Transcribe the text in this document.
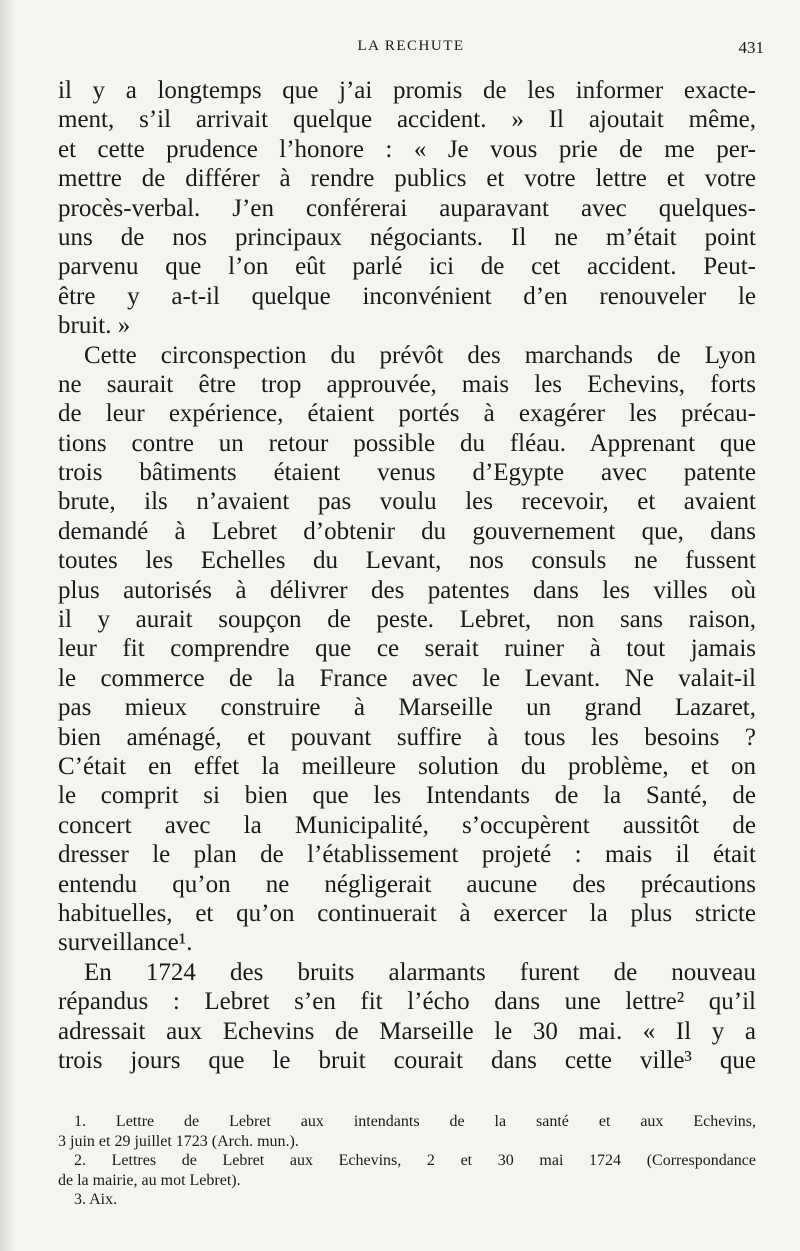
LA RECHUTE	431
il y a longtemps que j’ai promis de les informer exacte-
ment, s’il arrivait quelque accident. » Il ajoutait même,
et cette prudence l’honore : « Je vous prie de me per-
mettre de différer à rendre publics et votre lettre et votre
procès-verbal. J’en conférerai auparavant avec quelques-
uns de nos principaux négociants. Il ne m’était point
parvenu que l’on eût parlé ici de cet accident. Peut-
être y a-t-il quelque inconvénient d’en renouveler le
bruit. »
Cette circonspection du prévôt des marchands de Lyon
ne saurait être trop approuvée, mais les Echevins, forts
de leur expérience, étaient portés à exagérer les précau-
tions contre un retour possible du fléau. Apprenant que
trois bâtiments étaient venus d’Egypte avec patente
brute, ils n’avaient pas voulu les recevoir, et avaient
demandé à Lebret d’obtenir du gouvernement que, dans
toutes les Echelles du Levant, nos consuls ne fussent
plus autorisés à délivrer des patentes dans les villes où
il y aurait soupçon de peste. Lebret, non sans raison,
leur fit comprendre que ce serait ruiner à tout jamais
le commerce de la France avec le Levant. Ne valait-il
pas mieux construire à Marseille un grand Lazaret,
bien aménagé, et pouvant suffire à tous les besoins ?
C’était en effet la meilleure solution du problème, et on
le comprit si bien que les Intendants de la Santé, de
concert avec la Municipalité, s’occupèrent aussitôt de
dresser le plan de l’établissement projeté : mais il était
entendu qu’on ne négligerait aucune des précautions
habituelles, et qu’on continuerait à exercer la plus stricte
surveillance¹.
En 1724 des bruits alarmants furent de nouveau
répandus : Lebret s’en fit l’écho dans une lettre² qu’il
adressait aux Echevins de Marseille le 30 mai. « Il y a
trois jours que le bruit courait dans cette ville³ que
1. Lettre de Lebret aux intendants de la santé et aux Echevins,
3 juin et 29 juillet 1723 (Arch. mun.).
2. Lettres de Lebret aux Echevins, 2 et 30 mai 1724 (Correspondance
de la mairie, au mot Lebret).
3. Aix.
